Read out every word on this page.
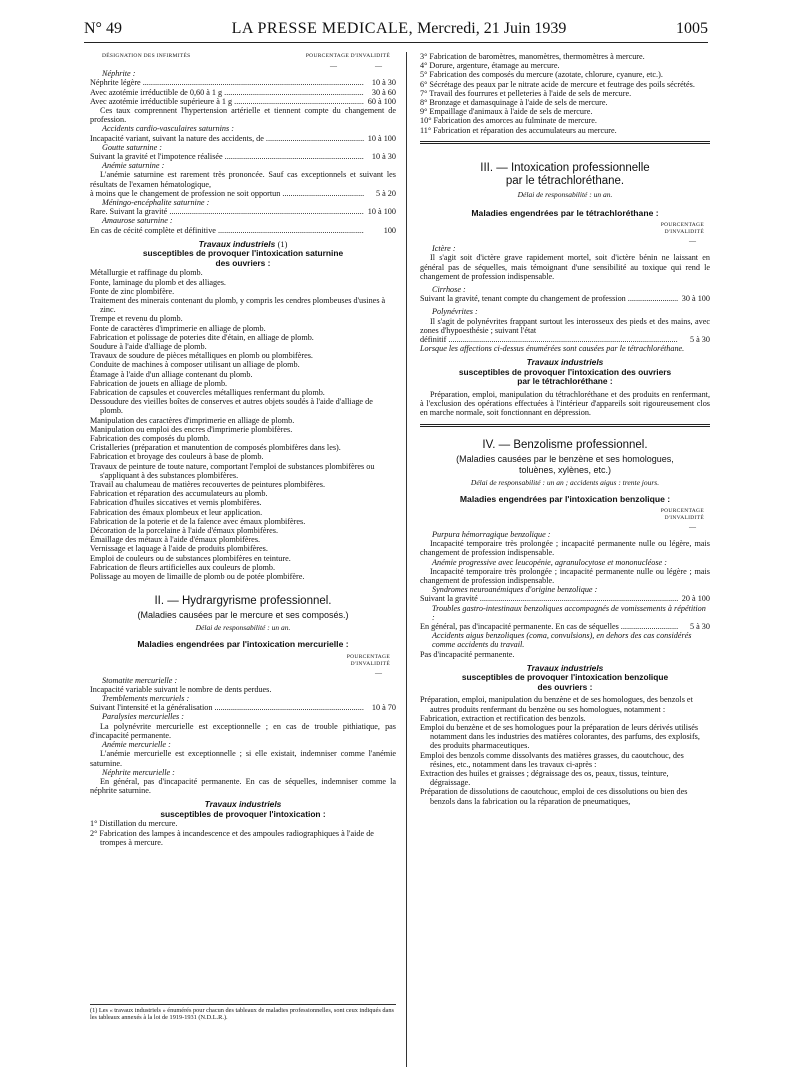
N° 49	LA PRESSE MEDICALE, Mercredi, 21 Juin 1939	1005
DÉSIGNATION DES INFIRMITÉS	POURCENTAGE D'INVALIDITÉ
—	—
Néphrite :
Néphrite légère .....	10 à 30
Avec azotémie irréductible de 0,60 à 1 g .....	30 à 60
Avec azotémie irréductible supérieure à 1 g .....	60 à 100
Ces taux comprennent l'hypertension artérielle et tiennent compte du changement de profession.
Accidents cardio-vasculaires saturnins :
Incapacité variant, suivant la nature des accidents, de .....	10 à 100
Goutte saturnine :
Suivant la gravité et l'impotence réalisée .....	10 à 30
Anémie saturnine :
L'anémie saturnine est rarement très prononcée. Sauf cas exceptionnels et suivant les résultats de l'examen hématologique,
à moins que le changement de profession ne soit opportun .....	5 à 20
Méningo-encéphalite saturnine :
Rare. Suivant la gravité .....	10 à 100
Amaurose saturnine :
En cas de cécité complète et définitive .....	100
Travaux industriels (1)
susceptibles de provoquer l'intoxication saturnine
des ouvriers :
Métallurgie et raffinage du plomb.
Fonte, laminage du plomb et des alliages.
Fonte de zinc plombifère.
Traitement des minerais contenant du plomb, y compris les cendres plombeuses d'usines à zinc.
Trempe et revenu du plomb.
Fonte de caractères d'imprimerie en alliage de plomb.
Fabrication et polissage de poteries dite d'étain, en alliage de plomb.
Soudure à l'aide d'alliage de plomb.
Travaux de soudure de pièces métalliques en plomb ou plombifères.
Conduite de machines à composer utilisant un alliage de plomb.
Étamage à l'aide d'un alliage contenant du plomb.
Fabrication de jouets en alliage de plomb.
Fabrication de capsules et couvercles métalliques renfermant du plomb.
Dessoudure des vieilles boîtes de conserves et autres objets soudés à l'aide d'alliage de plomb.
Manipulation des caractères d'imprimerie en alliage de plomb.
Manipulation ou emploi des encres d'imprimerie plombifères.
Fabrication des composés du plomb.
Cristalleries (préparation et manutention de composés plombifères dans les).
Fabrication et broyage des couleurs à base de plomb.
Travaux de peinture de toute nature, comportant l'emploi de substances plombifères ou s'appliquant à des substances plombifères.
Travail au chalumeau de matières recouvertes de peintures plombifères.
Fabrication et réparation des accumulateurs au plomb.
Fabrication d'huiles siccatives et vernis plombifères.
Fabrication des émaux plombeux et leur application.
Fabrication de la poterie et de la faïence avec émaux plombifères.
Décoration de la porcelaine à l'aide d'émaux plombifères.
Émaillage des métaux à l'aide d'émaux plombifères.
Vernissage et laquage à l'aide de produits plombifères.
Emploi de couleurs ou de substances plombifères en teinture.
Fabrication de fleurs artificielles aux couleurs de plomb.
Polissage au moyen de limaille de plomb ou de potée plombifère.
II. — Hydrargyrisme professionnel.
(Maladies causées par le mercure et ses composés.)
Délai de responsabilité : un an.
Maladies engendrées par l'intoxication mercurielle :
POURCENTAGE
D'INVALIDITÉ
—
Stomatite mercurielle :
Incapacité variable suivant le nombre de dents perdues.
Tremblements mercuriels :
Suivant l'intensité et la généralisation .....	10 à 70
Paralysies mercurielles :
La polynévrite mercurielle est exceptionnelle ; en cas de trouble pithiatique, pas d'incapacité permanente.
Anémie mercurielle :
L'anémie mercurielle est exceptionnelle ; si elle existait, indemniser comme l'anémie saturnine.
Néphrite mercurielle :
En général, pas d'incapacité permanente. En cas de séquelles, indemniser comme la néphrite saturnine.
Travaux industriels
susceptibles de provoquer l'intoxication :
1° Distillation du mercure.
2° Fabrication des lampes à incandescence et des ampoules radiographiques à l'aide de trompes à mercure.
(1) Les « travaux industriels » énumérés pour chacun des tableaux de maladies professionnelles, sont ceux indiqués dans les tableaux annexés à la loi de 1919-1931 (N.D.L.R.).
3° Fabrication de baromètres, manomètres, thermomètres à mercure.
4° Dorure, argenture, étamage au mercure.
5° Fabrication des composés du mercure (azotate, chlorure, cyanure, etc.).
6° Sécrétage des peaux par le nitrate acide de mercure et feutrage des poils sécrétés.
7° Travail des fourrures et pelleteries à l'aide de sels de mercure.
8° Bronzage et damasquinage à l'aide de sels de mercure.
9° Empaillage d'animaux à l'aide de sels de mercure.
10° Fabrication des amorces au fulminate de mercure.
11° Fabrication et réparation des accumulateurs au mercure.
III. — Intoxication professionnelle
par le tétrachloréthane.
Délai de responsabilité : un an.
Maladies engendrées par le tétrachloréthane :
POURCENTAGE
D'INVALIDITÉ
—
Ictère :
Il s'agit soit d'ictère grave rapidement mortel, soit d'ictère bénin ne laissant en général pas de séquelles, mais témoignant d'une sensibilité au toxique qui rend le changement de profession indispensable.
Cirrhose :
Suivant la gravité, tenant compte du changement de profession .....	30 à 100
Polynévrites :
Il s'agit de polynévrites frappant surtout les interosseux des pieds et des mains, avec zones d'hypoesthésie ; suivant l'état
définitif .....	5 à 30
Lorsque les affections ci-dessus énumérées sont causées par le tétrachloréthane.
Travaux industriels
susceptibles de provoquer l'intoxication des ouvriers
par le tétrachloréthane :
Préparation, emploi, manipulation du tétrachloréthane et des produits en renfermant, à l'exclusion des opérations effectuées à l'intérieur d'appareils soit rigoureusement clos en marche normale, soit fonctionnant en dépression.
IV. — Benzolisme professionnel.
(Maladies causées par le benzène et ses homologues,
toluènes, xylènes, etc.)
Délai de responsabilité : un an ; accidents aigus : trente jours.
Maladies engendrées par l'intoxication benzolique :
POURCENTAGE
D'INVALIDITÉ
—
Purpura hémorragique benzolique :
Incapacité temporaire très prolongée ; incapacité permanente nulle ou légère, mais changement de profession indispensable.
Anémie progressive avec leucopénie, agranulocytose et mononucléose :
Incapacité temporaire très prolongée ; incapacité permanente nulle ou légère ; mais changement de profession indispensable.
Syndromes neuroanémiques d'origine benzolique :
Suivant la gravité .....	20 à 100
Troubles gastro-intestinaux benzoliques accompagnés de vomissements à répétition :
En général, pas d'incapacité permanente. En cas de séquelles .....	5 à 30
Accidents aigus benzoliques (coma, convulsions), en dehors des cas considérés comme accidents du travail.
Pas d'incapacité permanente.
Travaux industriels
susceptibles de provoquer l'intoxication benzolique
des ouvriers :
Préparation, emploi, manipulation du benzène et de ses homologues, des benzols et autres produits renfermant du benzène ou ses homologues, notamment :
Fabrication, extraction et rectification des benzols.
Emploi du benzène et de ses homologues pour la préparation de leurs dérivés utilisés notamment dans les industries des matières colorantes, des parfums, des explosifs, des produits pharmaceutiques.
Emploi des benzols comme dissolvants des matières grasses, du caoutchouc, des résines, etc., notamment dans les travaux ci-après :
Extraction des huiles et graisses ; dégraissage des os, peaux, tissus, teinture, dégraissage.
Préparation de dissolutions de caoutchouc, emploi de ces dissolutions ou bien des benzols dans la fabrication ou la réparation de pneumatiques,
